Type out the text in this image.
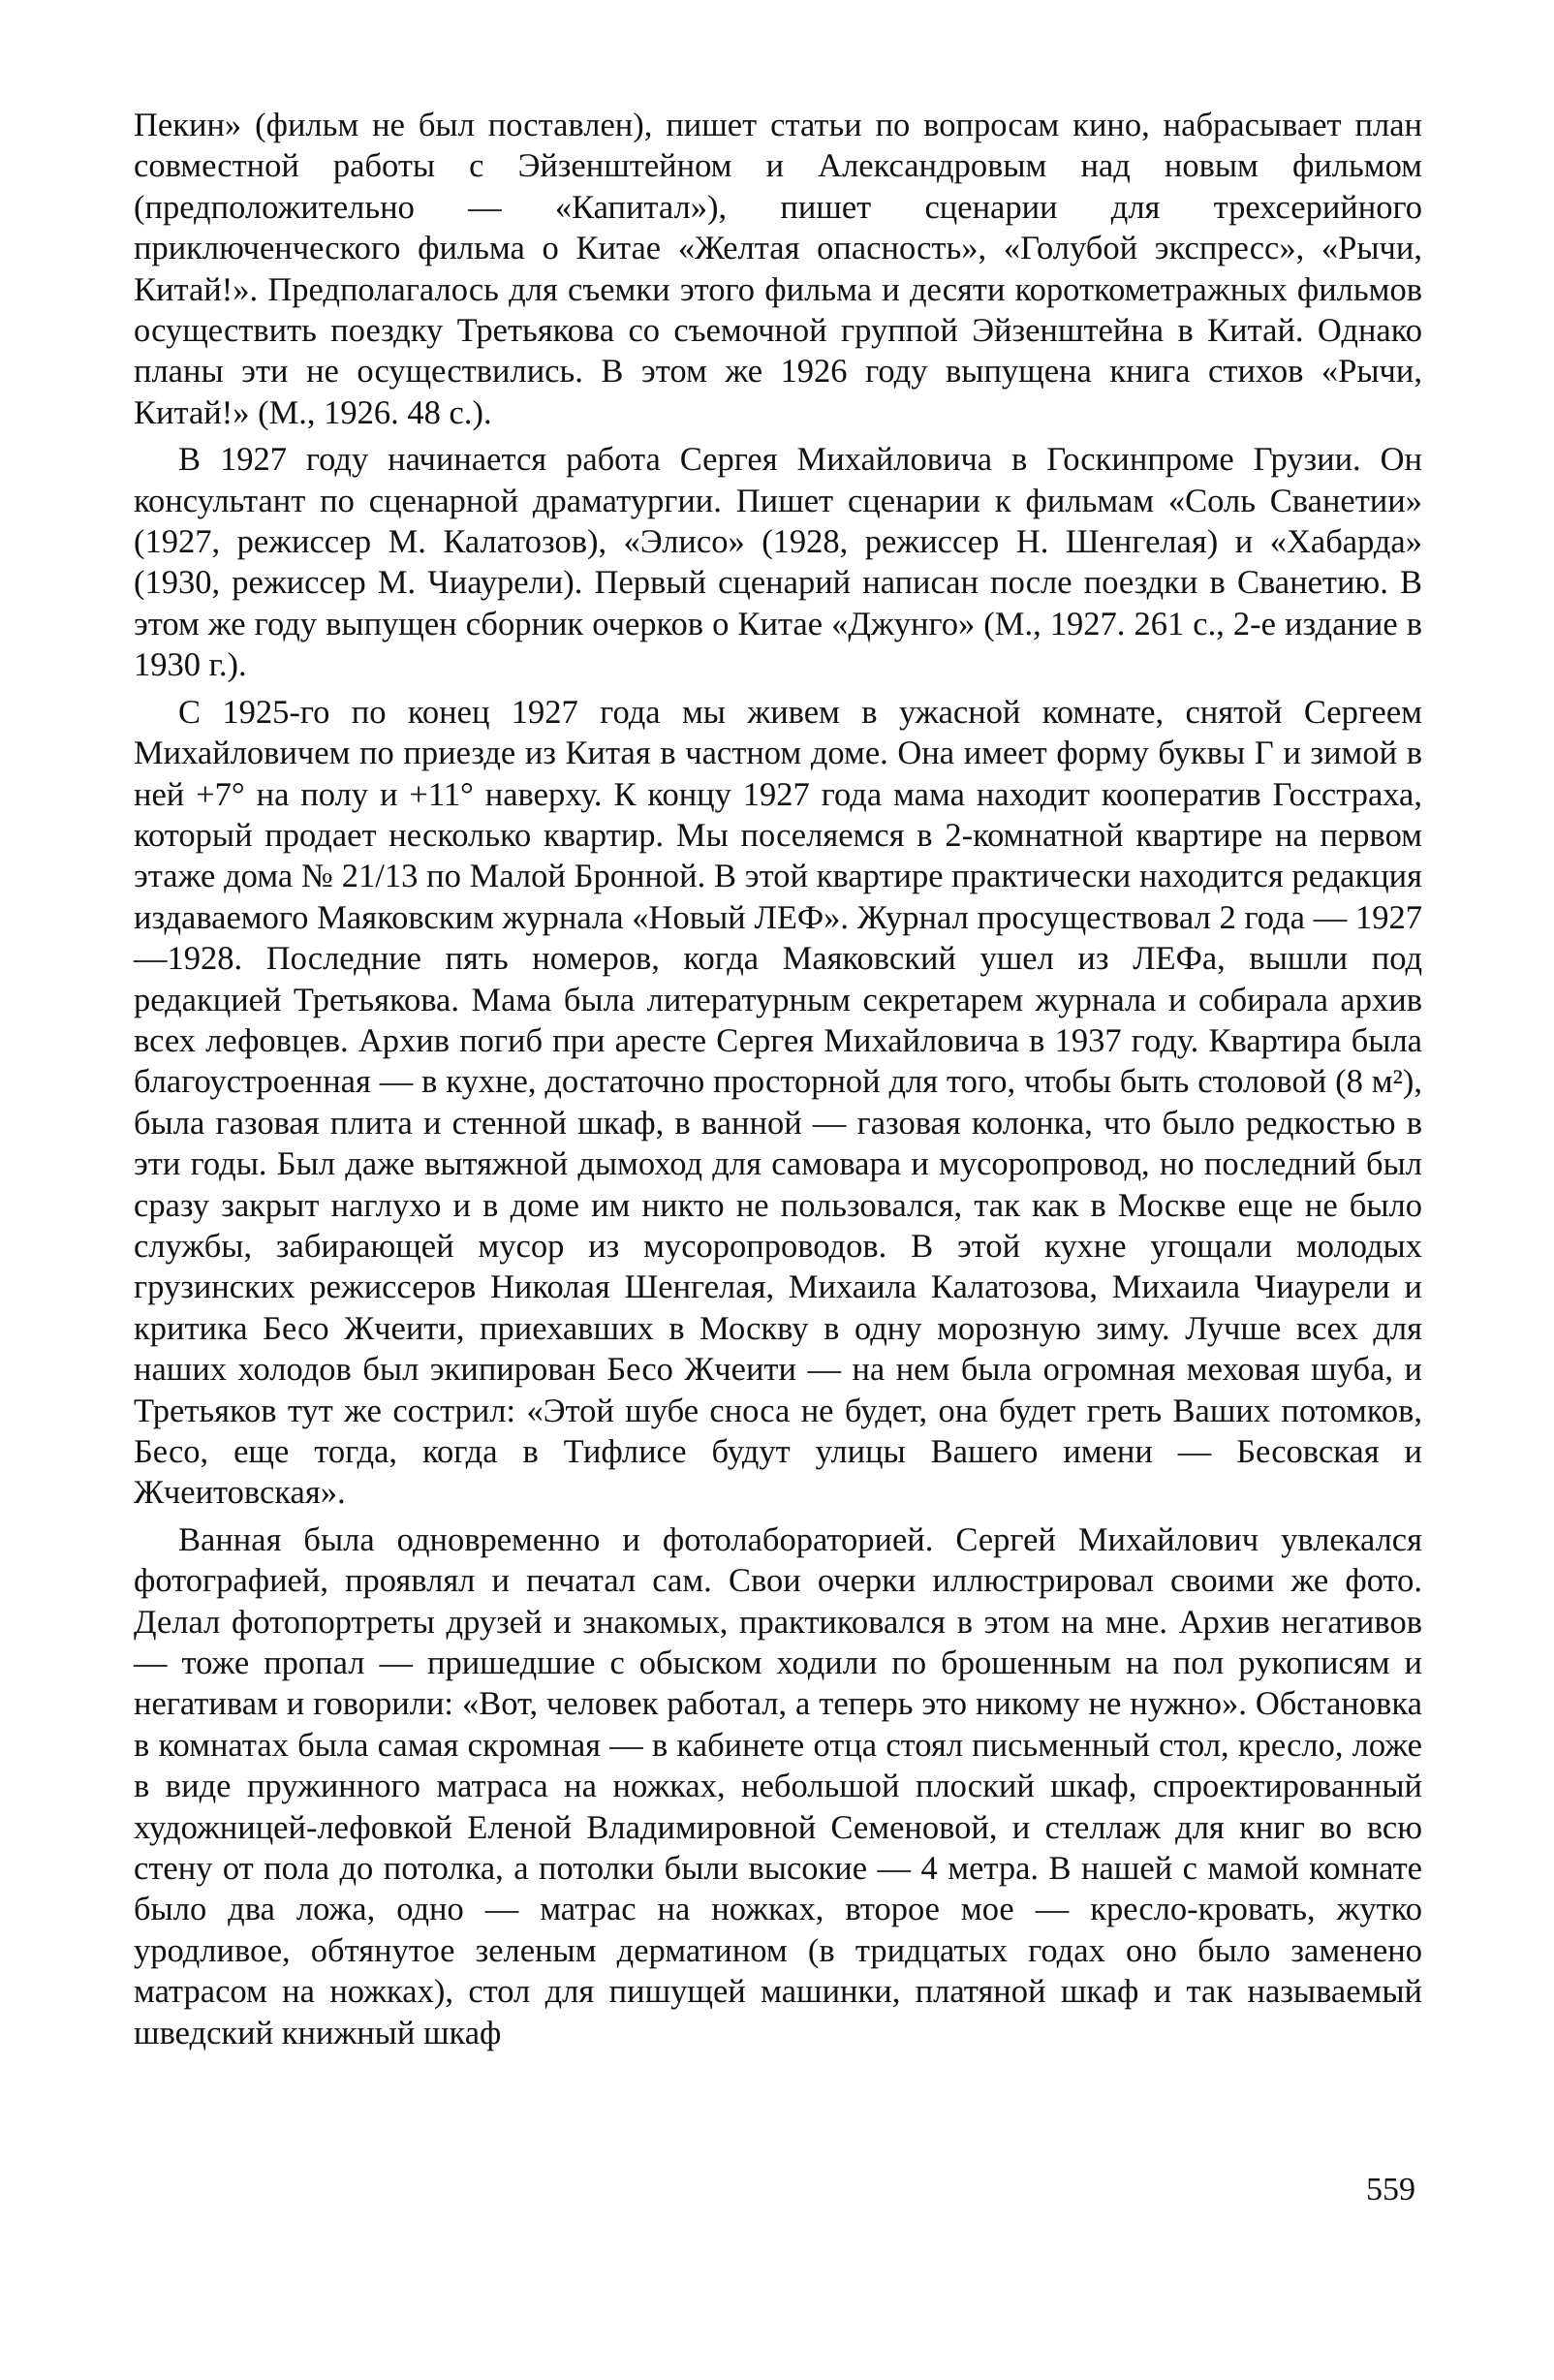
Пекин» (фильм не был поставлен), пишет статьи по вопросам кино, набрасывает план совместной работы с Эйзенштейном и Александровым над новым фильмом (предположительно — «Капитал»), пишет сценарии для трехсерийного приключенческого фильма о Китае «Желтая опасность», «Голубой экспресс», «Рычи, Китай!». Предполагалось для съемки этого фильма и десяти короткометражных фильмов осуществить поездку Третьякова со съемочной группой Эйзенштейна в Китай. Однако планы эти не осуществились. В этом же 1926 году выпущена книга стихов «Рычи, Китай!» (М., 1926. 48 с.).

В 1927 году начинается работа Сергея Михайловича в Госкинпроме Грузии. Он консультант по сценарной драматургии. Пишет сценарии к фильмам «Соль Сванетии» (1927, режиссер М. Калатозов), «Элисо» (1928, режиссер Н. Шенгелая) и «Хабарда» (1930, режиссер М. Чиаурели). Первый сценарий написан после поездки в Сванетию. В этом же году выпущен сборник очерков о Китае «Джунго» (М., 1927. 261 с., 2-е издание в 1930 г.).

С 1925-го по конец 1927 года мы живем в ужасной комнате, снятой Сергеем Михайловичем по приезде из Китая в частном доме. Она имеет форму буквы Г и зимой в ней +7° на полу и +11° наверху. К концу 1927 года мама находит кооператив Госстраха, который продает несколько квартир. Мы поселяемся в 2-комнатной квартире на первом этаже дома № 21/13 по Малой Бронной. В этой квартире практически находится редакция издаваемого Маяковским журнала «Новый ЛЕФ». Журнал просуществовал 2 года — 1927—1928. Последние пять номеров, когда Маяковский ушел из ЛЕФа, вышли под редакцией Третьякова. Мама была литературным секретарем журнала и собирала архив всех лефовцев. Архив погиб при аресте Сергея Михайловича в 1937 году. Квартира была благоустроенная — в кухне, достаточно просторной для того, чтобы быть столовой (8 м²), была газовая плита и стенной шкаф, в ванной — газовая колонка, что было редкостью в эти годы. Был даже вытяжной дымоход для самовара и мусоропровод, но последний был сразу закрыт наглухо и в доме им никто не пользовался, так как в Москве еще не было службы, забирающей мусор из мусоропроводов. В этой кухне угощали молодых грузинских режиссеров Николая Шенгелая, Михаила Калатозова, Михаила Чиаурели и критика Бесо Жчеити, приехавших в Москву в одну морозную зиму. Лучше всех для наших холодов был экипирован Бесо Жчеити — на нем была огромная меховая шуба, и Третьяков тут же сострил: «Этой шубе сноса не будет, она будет греть Ваших потомков, Бесо, еще тогда, когда в Тифлисе будут улицы Вашего имени — Бесовская и Жчеитовская».

Ванная была одновременно и фотолабораторией. Сергей Михайлович увлекался фотографией, проявлял и печатал сам. Свои очерки иллюстрировал своими же фото. Делал фотопортреты друзей и знакомых, практиковался в этом на мне. Архив негативов — тоже пропал — пришедшие с обыском ходили по брошенным на пол рукописям и негативам и говорили: «Вот, человек работал, а теперь это никому не нужно». Обстановка в комнатах была самая скромная — в кабинете отца стоял письменный стол, кресло, ложе в виде пружинного матраса на ножках, небольшой плоский шкаф, спроектированный художницей-лефовкой Еленой Владимировной Семеновой, и стеллаж для книг во всю стену от пола до потолка, а потолки были высокие — 4 метра. В нашей с мамой комнате было два ложа, одно — матрас на ножках, второе мое — кресло-кровать, жутко уродливое, обтянутое зеленым дерматином (в тридцатых годах оно было заменено матрасом на ножках), стол для пишущей машинки, платяной шкаф и так называемый шведский книжный шкаф

559
